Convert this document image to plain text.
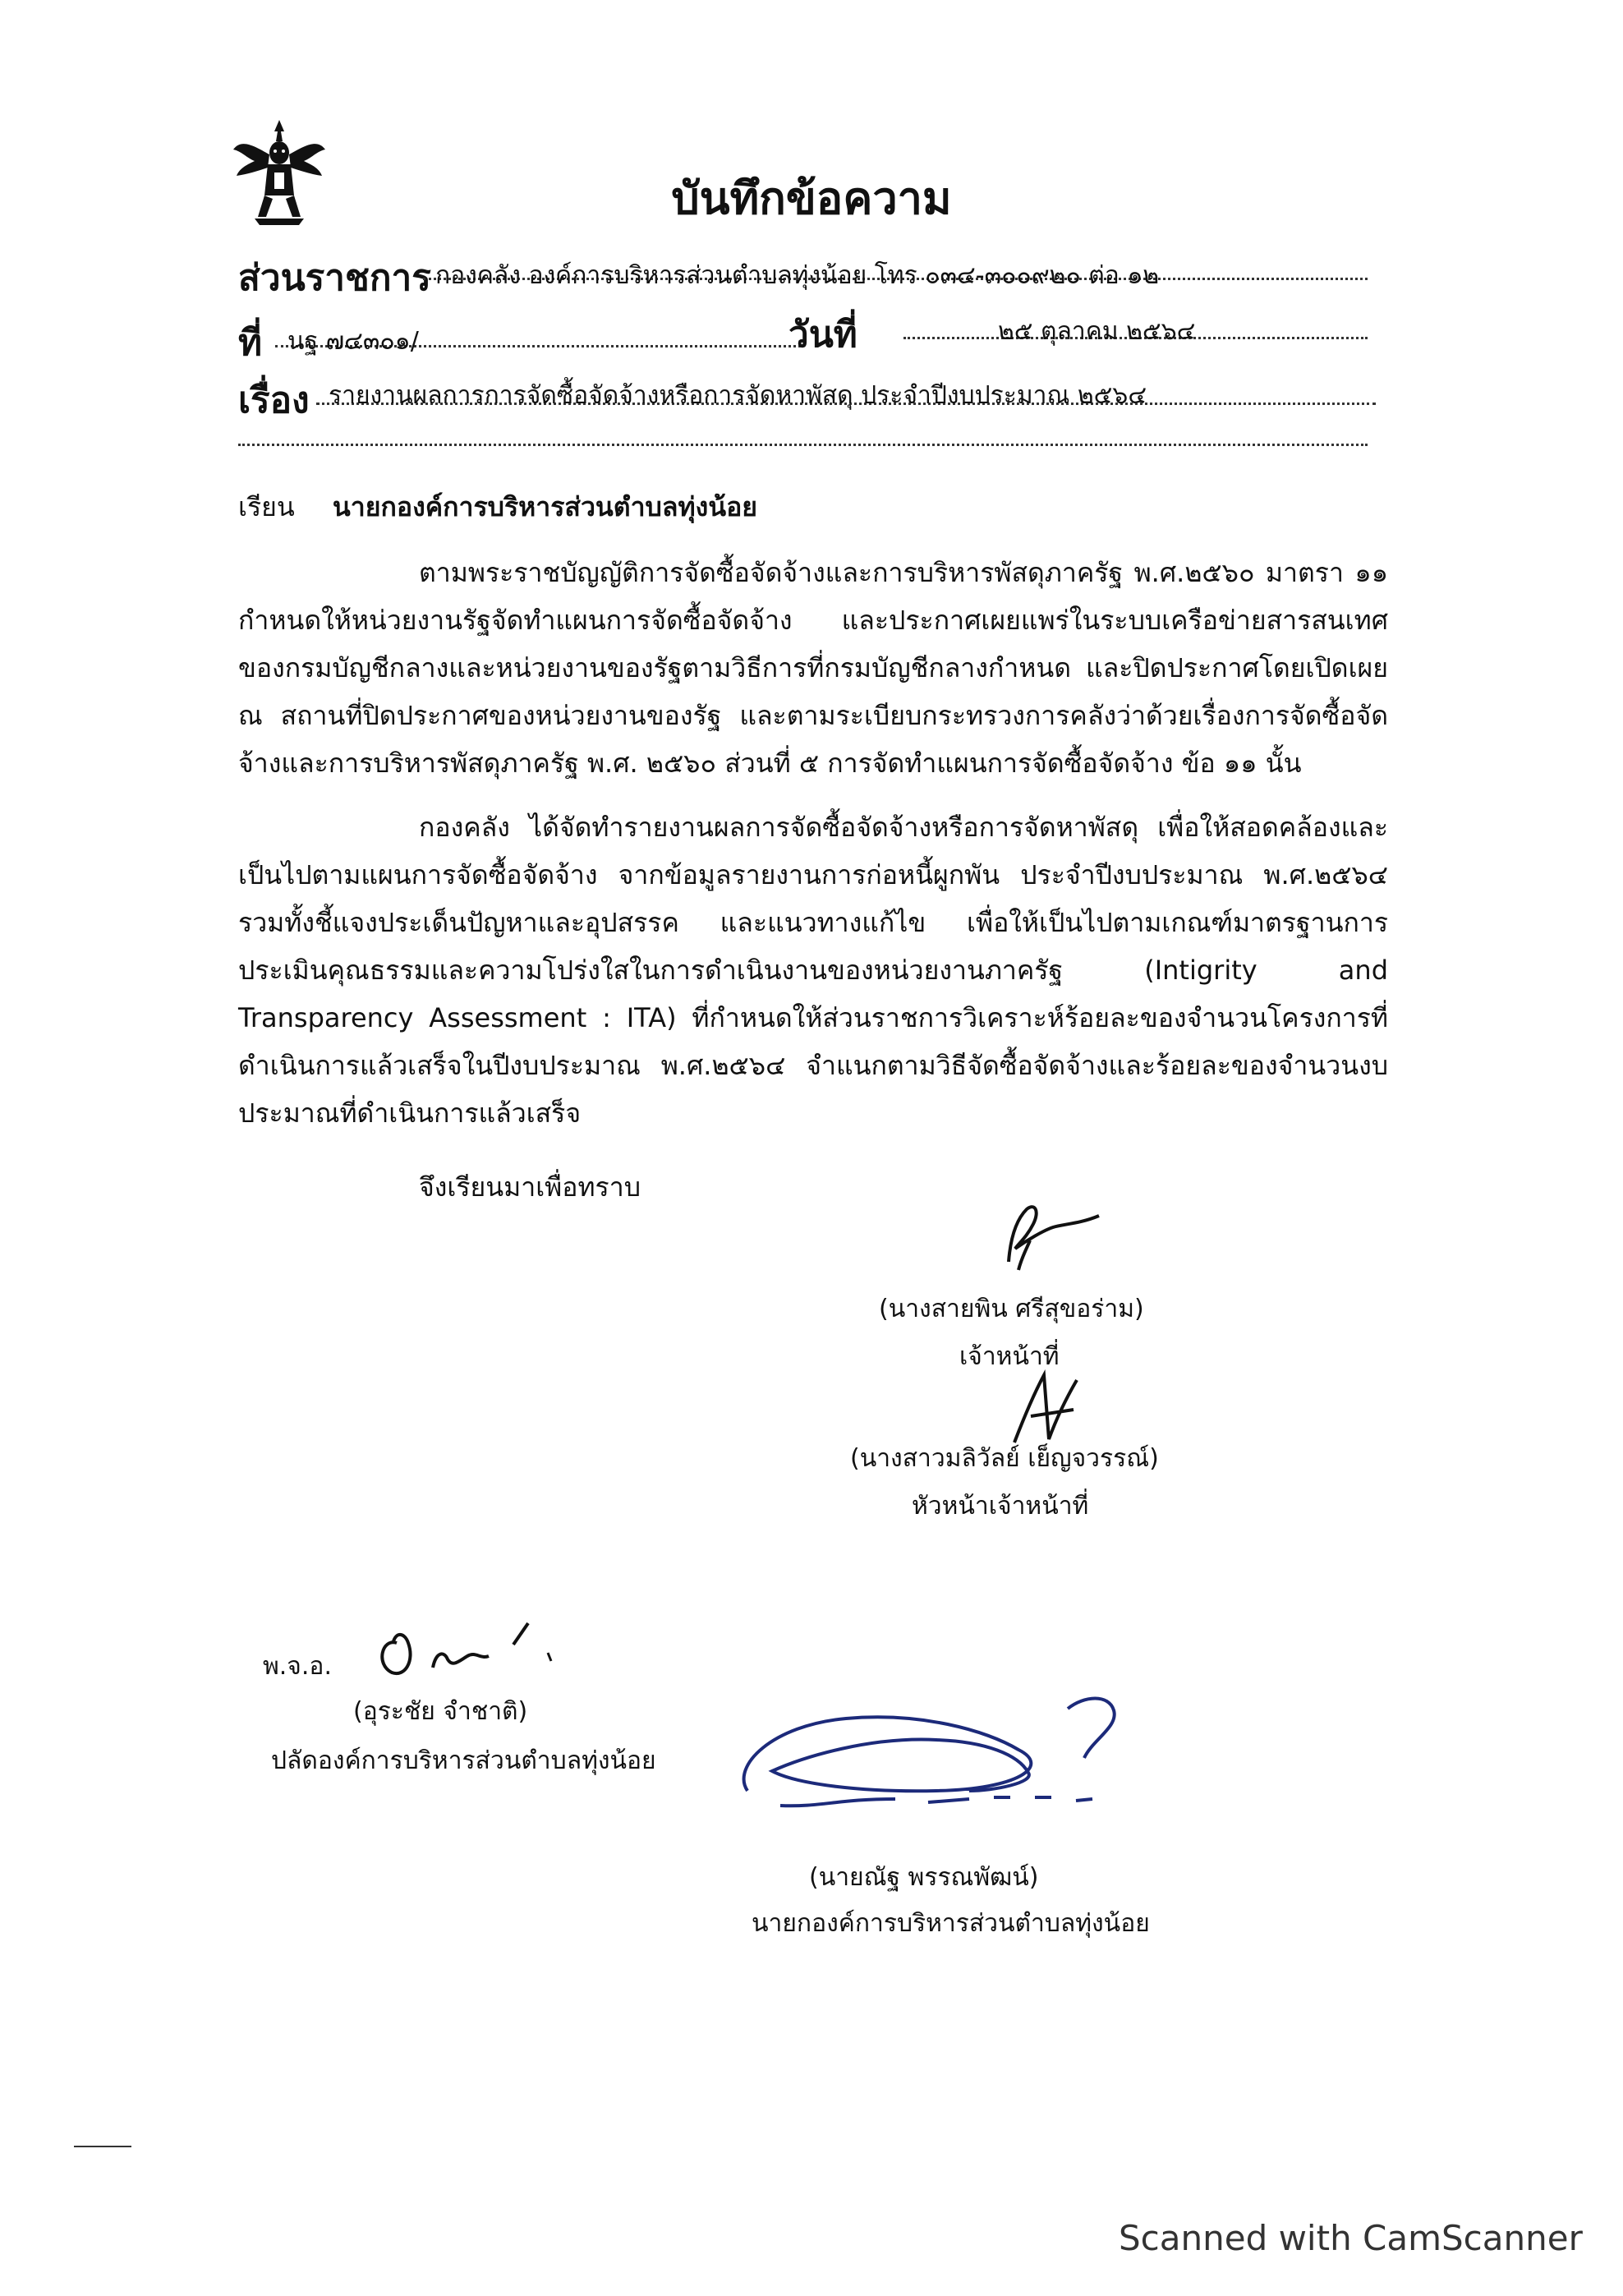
บันทึกข้อความ
ส่วนราชการ กองคลัง องค์การบริหารส่วนตำบลทุ่งน้อย โทร ๐๓๔-๓๐๐๙๒๐ ต่อ ๑๒
ที่ นฐ ๗๔๓๐๑/	วันที่	๒๕ ตุลาคม ๒๕๖๔
เรื่อง รายงานผลการการจัดซื้อจัดจ้างหรือการจัดหาพัสดุ ประจำปีงบประมาณ ๒๕๖๔
เรียน นายกองค์การบริหารส่วนตำบลทุ่งน้อย

ตามพระราชบัญญัติการจัดซื้อจัดจ้างและการบริหารพัสดุภาครัฐ พ.ศ.๒๕๖๐ มาตรา ๑๑ กำหนดให้หน่วยงานรัฐจัดทำแผนการจัดซื้อจัดจ้าง และประกาศเผยแพร่ในระบบเครือข่ายสารสนเทศของกรมบัญชีกลางและหน่วยงานของรัฐตามวิธีการที่กรมบัญชีกลางกำหนด และปิดประกาศโดยเปิดเผย ณ สถานที่ปิดประกาศของหน่วยงานของรัฐ และตามระเบียบกระทรวงการคลังว่าด้วยเรื่องการจัดซื้อจัดจ้างและการบริหารพัสดุภาครัฐ พ.ศ. ๒๕๖๐ ส่วนที่ ๕ การจัดทำแผนการจัดซื้อจัดจ้าง ข้อ ๑๑ นั้น

กองคลัง ได้จัดทำรายงานผลการจัดซื้อจัดจ้างหรือการจัดหาพัสดุ เพื่อให้สอดคล้องและเป็นไปตามแผนการจัดซื้อจัดจ้าง จากข้อมูลรายงานการก่อหนี้ผูกพัน ประจำปีงบประมาณ พ.ศ.๒๕๖๔ รวมทั้งชี้แจงประเด็นปัญหาและอุปสรรค และแนวทางแก้ไข เพื่อให้เป็นไปตามเกณฑ์มาตรฐานการประเมินคุณธรรมและความโปร่งใสในการดำเนินงานของหน่วยงานภาครัฐ (Intigrity and Transparency Assessment : ITA) ที่กำหนดให้ส่วนราชการวิเคราะห์ร้อยละของจำนวนโครงการที่ดำเนินการแล้วเสร็จในปีงบประมาณ พ.ศ.๒๕๖๔ จำแนกตามวิธีจัดซื้อจัดจ้างและร้อยละของจำนวนงบประมาณที่ดำเนินการแล้วเสร็จ

จึงเรียนมาเพื่อทราบ
(นางสายพิน ศรีสุขอร่าม)
เจ้าหน้าที่
(นางสาวมลิวัลย์ เย็ญจวรรณ์)
หัวหน้าเจ้าหน้าที่
พ.จ.อ.
(อุระชัย จำชาติ)
ปลัดองค์การบริหารส่วนตำบลทุ่งน้อย
(นายณัฐ พรรณพัฒน์)
นายกองค์การบริหารส่วนตำบลทุ่งน้อย
Scanned with CamScanner
